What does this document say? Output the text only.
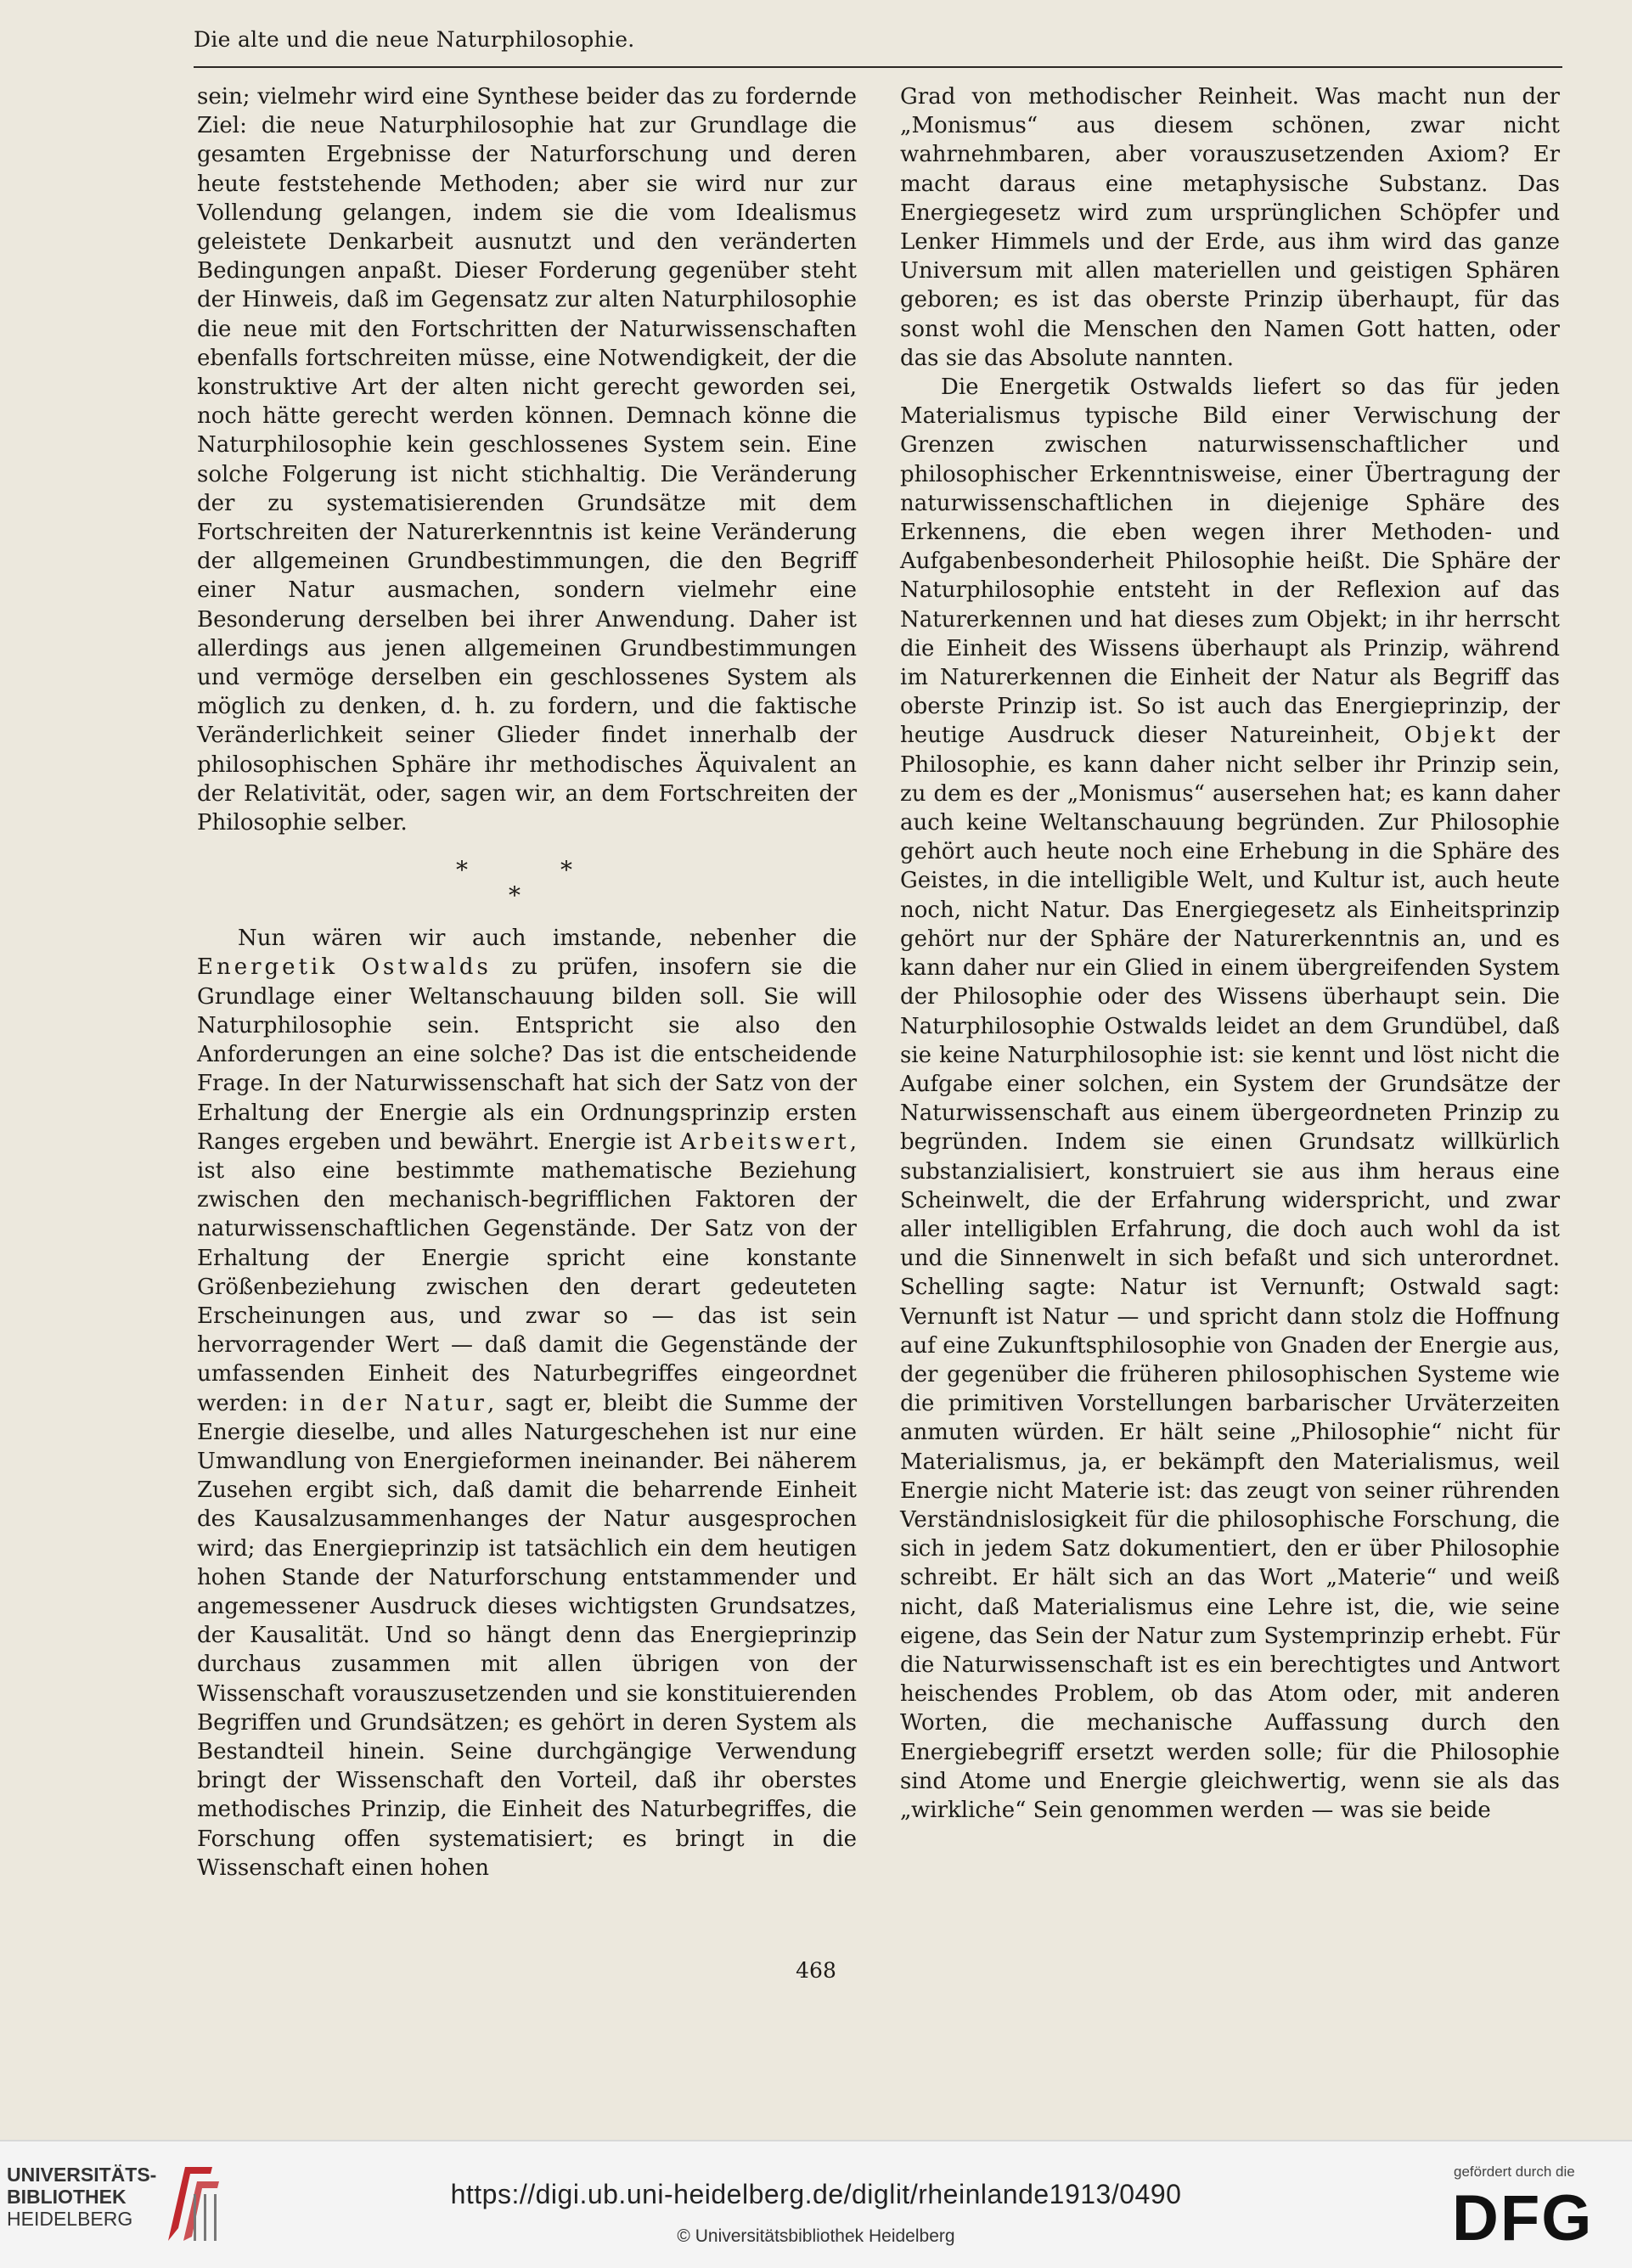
Die alte und die neue Naturphilosophie.

sein; vielmehr wird eine Synthese beider das zu fordernde Ziel: die neue Naturphilosophie hat zur Grundlage die gesamten Ergebnisse der Naturforschung und deren heute feststehende Methoden; aber sie wird nur zur Vollendung gelangen, indem sie die vom Idealismus geleistete Denkarbeit ausnutzt und den veränderten Bedingungen anpaßt. Dieser Forderung gegenüber steht der Hinweis, daß im Gegensatz zur alten Naturphilosophie die neue mit den Fortschritten der Naturwissenschaften ebenfalls fortschreiten müsse, eine Notwendigkeit, der die konstruktive Art der alten nicht gerecht geworden sei, noch hätte gerecht werden können. Demnach könne die Naturphilosophie kein geschlossenes System sein. Eine solche Folgerung ist nicht stichhaltig. Die Veränderung der zu systematisierenden Grundsätze mit dem Fortschreiten der Naturerkenntnis ist keine Veränderung der allgemeinen Grundbestimmungen, die den Begriff einer Natur ausmachen, sondern vielmehr eine Besonderung derselben bei ihrer Anwendung. Daher ist allerdings aus jenen allgemeinen Grundbestimmungen und vermöge derselben ein geschlossenes System als möglich zu denken, d. h. zu fordern, und die faktische Veränderlichkeit seiner Glieder findet innerhalb der philosophischen Sphäre ihr methodisches Äquivalent an der Relativität, oder, sagen wir, an dem Fortschreiten der Philosophie selber.

*	*
*

Nun wären wir auch imstande, nebenher die Energetik Ostwalds zu prüfen, insofern sie die Grundlage einer Weltanschauung bilden soll. Sie will Naturphilosophie sein. Entspricht sie also den Anforderungen an eine solche? Das ist die entscheidende Frage. In der Naturwissenschaft hat sich der Satz von der Erhaltung der Energie als ein Ordnungsprinzip ersten Ranges ergeben und bewährt. Energie ist Arbeitswert, ist also eine bestimmte mathematische Beziehung zwischen den mechanisch-begrifflichen Faktoren der naturwissenschaftlichen Gegenstände. Der Satz von der Erhaltung der Energie spricht eine konstante Größenbeziehung zwischen den derart gedeuteten Erscheinungen aus, und zwar so — das ist sein hervorragender Wert — daß damit die Gegenstände der umfassenden Einheit des Naturbegriffes eingeordnet werden: in der Natur, sagt er, bleibt die Summe der Energie dieselbe, und alles Naturgeschehen ist nur eine Umwandlung von Energieformen ineinander. Bei näherem Zusehen ergibt sich, daß damit die beharrende Einheit des Kausalzusammenhanges der Natur ausgesprochen wird; das Energieprinzip ist tatsächlich ein dem heutigen hohen Stande der Naturforschung entstammender und angemessener Ausdruck dieses wichtigsten Grundsatzes, der Kausalität. Und so hängt denn das Energieprinzip durchaus zusammen mit allen übrigen von der Wissenschaft vorauszusetzenden und sie konstituierenden Begriffen und Grundsätzen; es gehört in deren System als Bestandteil hinein. Seine durchgängige Verwendung bringt der Wissenschaft den Vorteil, daß ihr oberstes methodisches Prinzip, die Einheit des Naturbegriffes, die Forschung offen systematisiert; es bringt in die Wissenschaft einen hohen

Grad von methodischer Reinheit. Was macht nun der „Monismus“ aus diesem schönen, zwar nicht wahrnehmbaren, aber vorauszusetzenden Axiom? Er macht daraus eine metaphysische Substanz. Das Energiegesetz wird zum ursprünglichen Schöpfer und Lenker Himmels und der Erde, aus ihm wird das ganze Universum mit allen materiellen und geistigen Sphären geboren; es ist das oberste Prinzip überhaupt, für das sonst wohl die Menschen den Namen Gott hatten, oder das sie das Absolute nannten.

Die Energetik Ostwalds liefert so das für jeden Materialismus typische Bild einer Verwischung der Grenzen zwischen naturwissenschaftlicher und philosophischer Erkenntnisweise, einer Übertragung der naturwissenschaftlichen in diejenige Sphäre des Erkennens, die eben wegen ihrer Methoden- und Aufgabenbesonderheit Philosophie heißt. Die Sphäre der Naturphilosophie entsteht in der Reflexion auf das Naturerkennen und hat dieses zum Objekt; in ihr herrscht die Einheit des Wissens überhaupt als Prinzip, während im Naturerkennen die Einheit der Natur als Begriff das oberste Prinzip ist. So ist auch das Energieprinzip, der heutige Ausdruck dieser Natureinheit, Objekt der Philosophie, es kann daher nicht selber ihr Prinzip sein, zu dem es der „Monismus“ ausersehen hat; es kann daher auch keine Weltanschauung begründen. Zur Philosophie gehört auch heute noch eine Erhebung in die Sphäre des Geistes, in die intelligible Welt, und Kultur ist, auch heute noch, nicht Natur. Das Energiegesetz als Einheitsprinzip gehört nur der Sphäre der Naturerkenntnis an, und es kann daher nur ein Glied in einem übergreifenden System der Philosophie oder des Wissens überhaupt sein. Die Naturphilosophie Ostwalds leidet an dem Grundübel, daß sie keine Naturphilosophie ist: sie kennt und löst nicht die Aufgabe einer solchen, ein System der Grundsätze der Naturwissenschaft aus einem übergeordneten Prinzip zu begründen. Indem sie einen Grundsatz willkürlich substanzialisiert, konstruiert sie aus ihm heraus eine Scheinwelt, die der Erfahrung widerspricht, und zwar aller intelligiblen Erfahrung, die doch auch wohl da ist und die Sinnenwelt in sich befaßt und sich unterordnet. Schelling sagte: Natur ist Vernunft; Ostwald sagt: Vernunft ist Natur — und spricht dann stolz die Hoffnung auf eine Zukunftsphilosophie von Gnaden der Energie aus, der gegenüber die früheren philosophischen Systeme wie die primitiven Vorstellungen barbarischer Urväterzeiten anmuten würden. Er hält seine „Philosophie“ nicht für Materialismus, ja, er bekämpft den Materialismus, weil Energie nicht Materie ist: das zeugt von seiner rührenden Verständnislosigkeit für die philosophische Forschung, die sich in jedem Satz dokumentiert, den er über Philosophie schreibt. Er hält sich an das Wort „Materie“ und weiß nicht, daß Materialismus eine Lehre ist, die, wie seine eigene, das Sein der Natur zum Systemprinzip erhebt. Für die Naturwissenschaft ist es ein berechtigtes und Antwort heischendes Problem, ob das Atom oder, mit anderen Worten, die mechanische Auffassung durch den Energiebegriff ersetzt werden solle; für die Philosophie sind Atome und Energie gleichwertig, wenn sie als das „wirkliche“ Sein genommen werden — was sie beide

468
UNIVERSITÄTS-
BIBLIOTHEK
HEIDELBERG
https://digi.ub.uni-heidelberg.de/diglit/rheinlande1913/0490
© Universitätsbibliothek Heidelberg
gefördert durch die
DFG
